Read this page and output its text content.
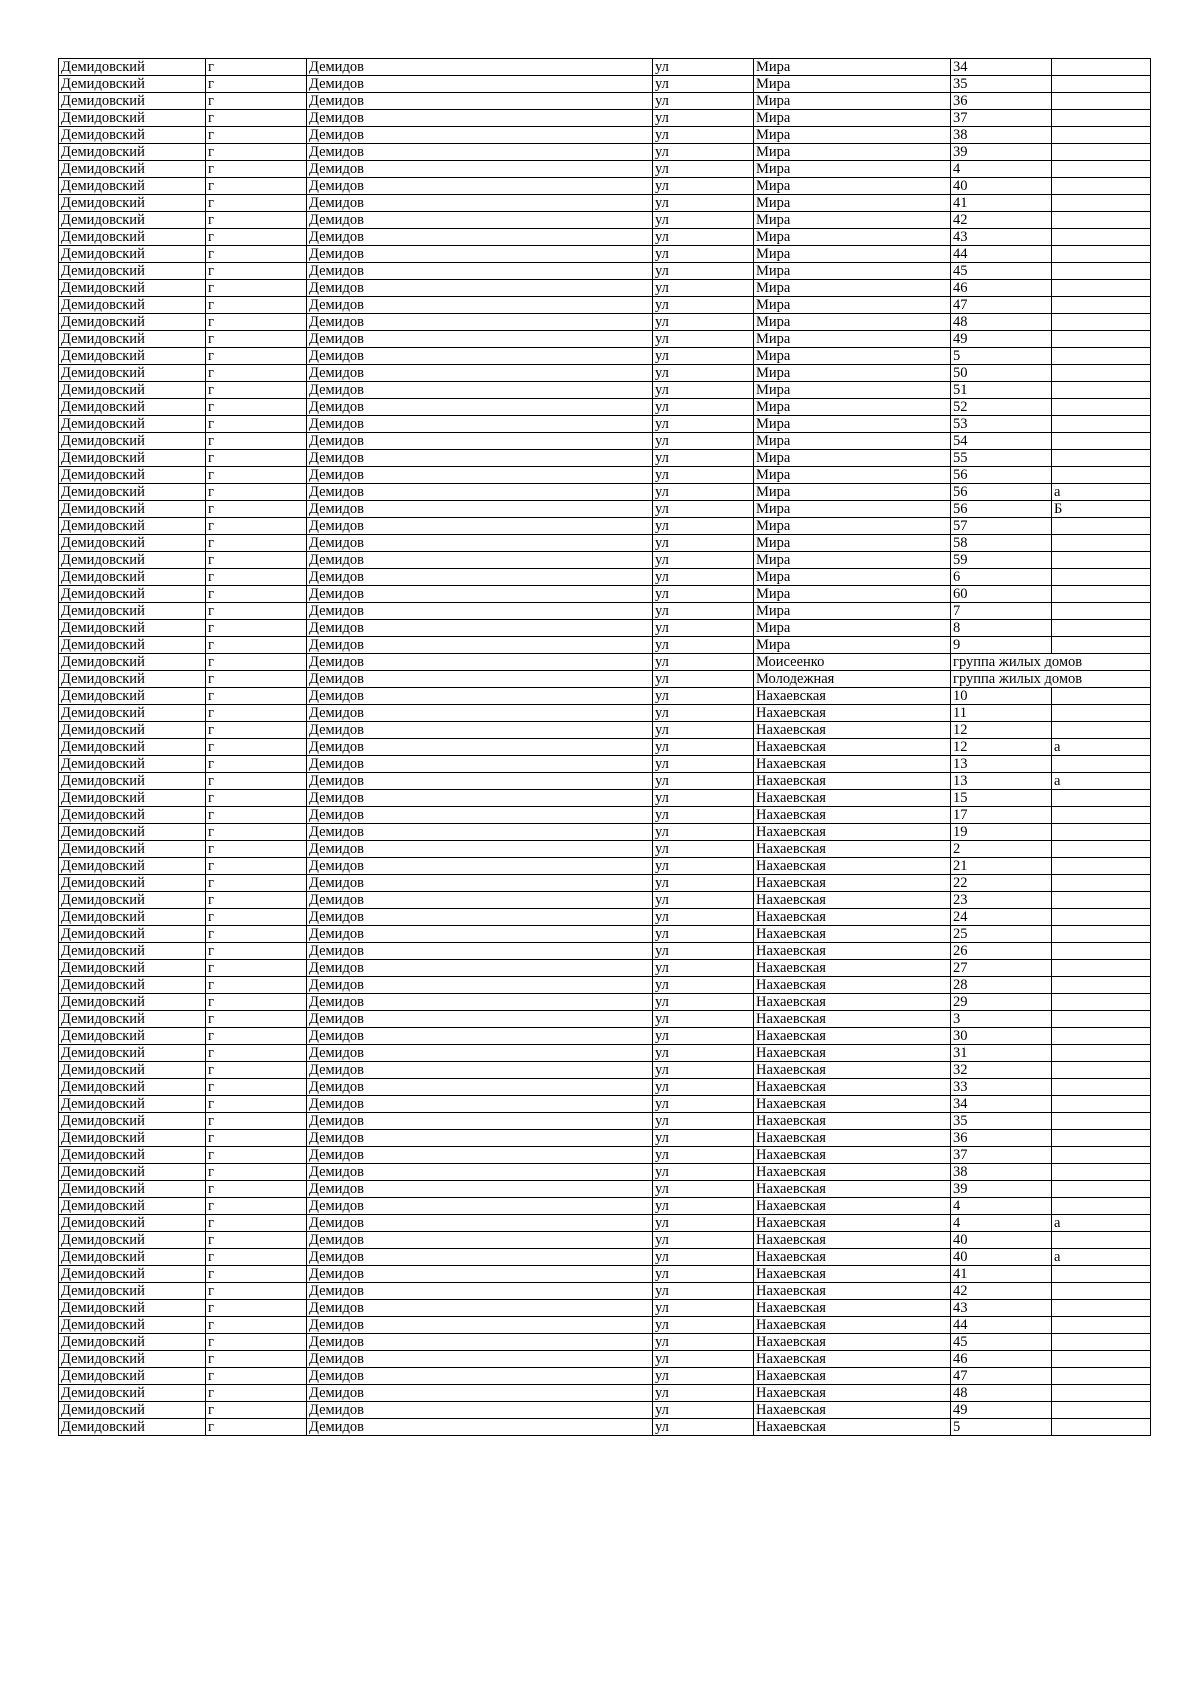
Демидовский	г	Демидов	ул	Мира	34	
Демидовский	г	Демидов	ул	Мира	35	
Демидовский	г	Демидов	ул	Мира	36	
Демидовский	г	Демидов	ул	Мира	37	
Демидовский	г	Демидов	ул	Мира	38	
Демидовский	г	Демидов	ул	Мира	39	
Демидовский	г	Демидов	ул	Мира	4	
Демидовский	г	Демидов	ул	Мира	40	
Демидовский	г	Демидов	ул	Мира	41	
Демидовский	г	Демидов	ул	Мира	42	
Демидовский	г	Демидов	ул	Мира	43	
Демидовский	г	Демидов	ул	Мира	44	
Демидовский	г	Демидов	ул	Мира	45	
Демидовский	г	Демидов	ул	Мира	46	
Демидовский	г	Демидов	ул	Мира	47	
Демидовский	г	Демидов	ул	Мира	48	
Демидовский	г	Демидов	ул	Мира	49	
Демидовский	г	Демидов	ул	Мира	5	
Демидовский	г	Демидов	ул	Мира	50	
Демидовский	г	Демидов	ул	Мира	51	
Демидовский	г	Демидов	ул	Мира	52	
Демидовский	г	Демидов	ул	Мира	53	
Демидовский	г	Демидов	ул	Мира	54	
Демидовский	г	Демидов	ул	Мира	55	
Демидовский	г	Демидов	ул	Мира	56	
Демидовский	г	Демидов	ул	Мира	56	а
Демидовский	г	Демидов	ул	Мира	56	Б
Демидовский	г	Демидов	ул	Мира	57	
Демидовский	г	Демидов	ул	Мира	58	
Демидовский	г	Демидов	ул	Мира	59	
Демидовский	г	Демидов	ул	Мира	6	
Демидовский	г	Демидов	ул	Мира	60	
Демидовский	г	Демидов	ул	Мира	7	
Демидовский	г	Демидов	ул	Мира	8	
Демидовский	г	Демидов	ул	Мира	9	
Демидовский	г	Демидов	ул	Моисеенко	группа жилых домов	
Демидовский	г	Демидов	ул	Молодежная	группа жилых домов	
Демидовский	г	Демидов	ул	Нахаевская	10	
Демидовский	г	Демидов	ул	Нахаевская	11	
Демидовский	г	Демидов	ул	Нахаевская	12	
Демидовский	г	Демидов	ул	Нахаевская	12	а
Демидовский	г	Демидов	ул	Нахаевская	13	
Демидовский	г	Демидов	ул	Нахаевская	13	а
Демидовский	г	Демидов	ул	Нахаевская	15	
Демидовский	г	Демидов	ул	Нахаевская	17	
Демидовский	г	Демидов	ул	Нахаевская	19	
Демидовский	г	Демидов	ул	Нахаевская	2	
Демидовский	г	Демидов	ул	Нахаевская	21	
Демидовский	г	Демидов	ул	Нахаевская	22	
Демидовский	г	Демидов	ул	Нахаевская	23	
Демидовский	г	Демидов	ул	Нахаевская	24	
Демидовский	г	Демидов	ул	Нахаевская	25	
Демидовский	г	Демидов	ул	Нахаевская	26	
Демидовский	г	Демидов	ул	Нахаевская	27	
Демидовский	г	Демидов	ул	Нахаевская	28	
Демидовский	г	Демидов	ул	Нахаевская	29	
Демидовский	г	Демидов	ул	Нахаевская	3	
Демидовский	г	Демидов	ул	Нахаевская	30	
Демидовский	г	Демидов	ул	Нахаевская	31	
Демидовский	г	Демидов	ул	Нахаевская	32	
Демидовский	г	Демидов	ул	Нахаевская	33	
Демидовский	г	Демидов	ул	Нахаевская	34	
Демидовский	г	Демидов	ул	Нахаевская	35	
Демидовский	г	Демидов	ул	Нахаевская	36	
Демидовский	г	Демидов	ул	Нахаевская	37	
Демидовский	г	Демидов	ул	Нахаевская	38	
Демидовский	г	Демидов	ул	Нахаевская	39	
Демидовский	г	Демидов	ул	Нахаевская	4	
Демидовский	г	Демидов	ул	Нахаевская	4	а
Демидовский	г	Демидов	ул	Нахаевская	40	
Демидовский	г	Демидов	ул	Нахаевская	40	а
Демидовский	г	Демидов	ул	Нахаевская	41	
Демидовский	г	Демидов	ул	Нахаевская	42	
Демидовский	г	Демидов	ул	Нахаевская	43	
Демидовский	г	Демидов	ул	Нахаевская	44	
Демидовский	г	Демидов	ул	Нахаевская	45	
Демидовский	г	Демидов	ул	Нахаевская	46	
Демидовский	г	Демидов	ул	Нахаевская	47	
Демидовский	г	Демидов	ул	Нахаевская	48	
Демидовский	г	Демидов	ул	Нахаевская	49	
Демидовский	г	Демидов	ул	Нахаевская	5	
